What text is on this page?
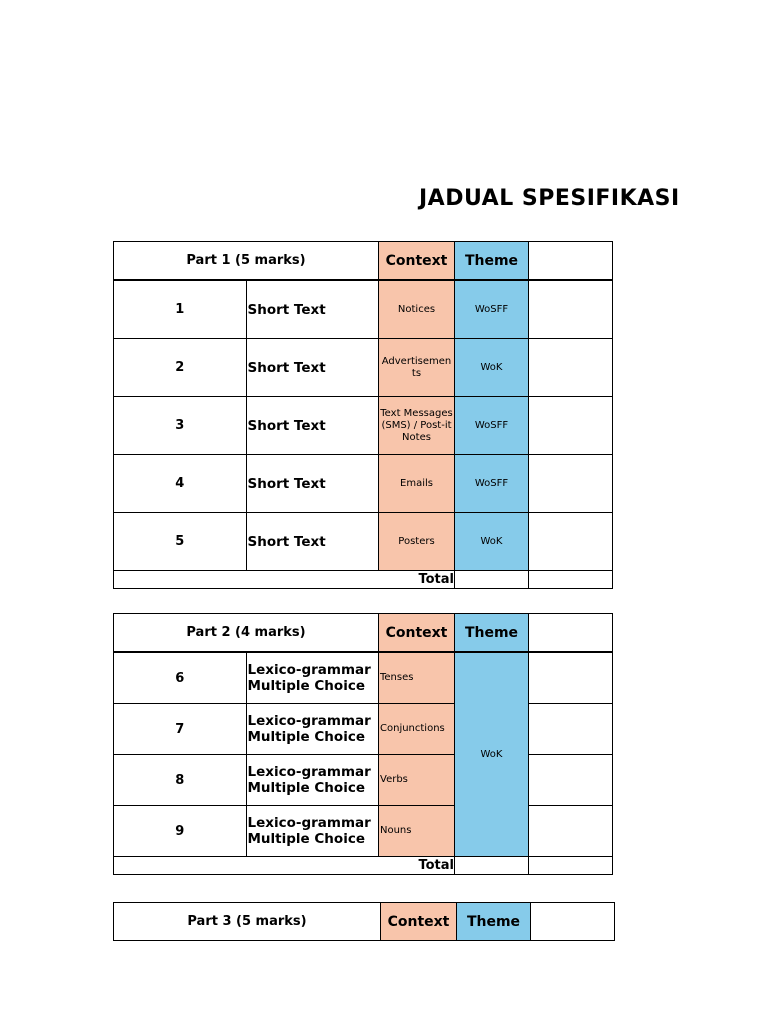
JADUAL SPESIFIKASI
Part 1 (5 marks)		Context	Theme	
1	Short Text	Notices	WoSFF	
2	Short Text	Advertisemen ts	WoK	
3	Short Text	Text Messages (SMS) / Post-it Notes	WoSFF	
4	Short Text	Emails	WoSFF	
5	Short Text	Posters	WoK	
Total				
Part 2 (4 marks)		Context	Theme	
6	Lexico-grammar Multiple Choice	Tenses	WoK	
7	Lexico-grammar Multiple Choice	Conjunctions		
8	Lexico-grammar Multiple Choice	Verbs		
9	Lexico-grammar Multiple Choice	Nouns		
Total				
Part 3 (5 marks)	Context	Theme	
